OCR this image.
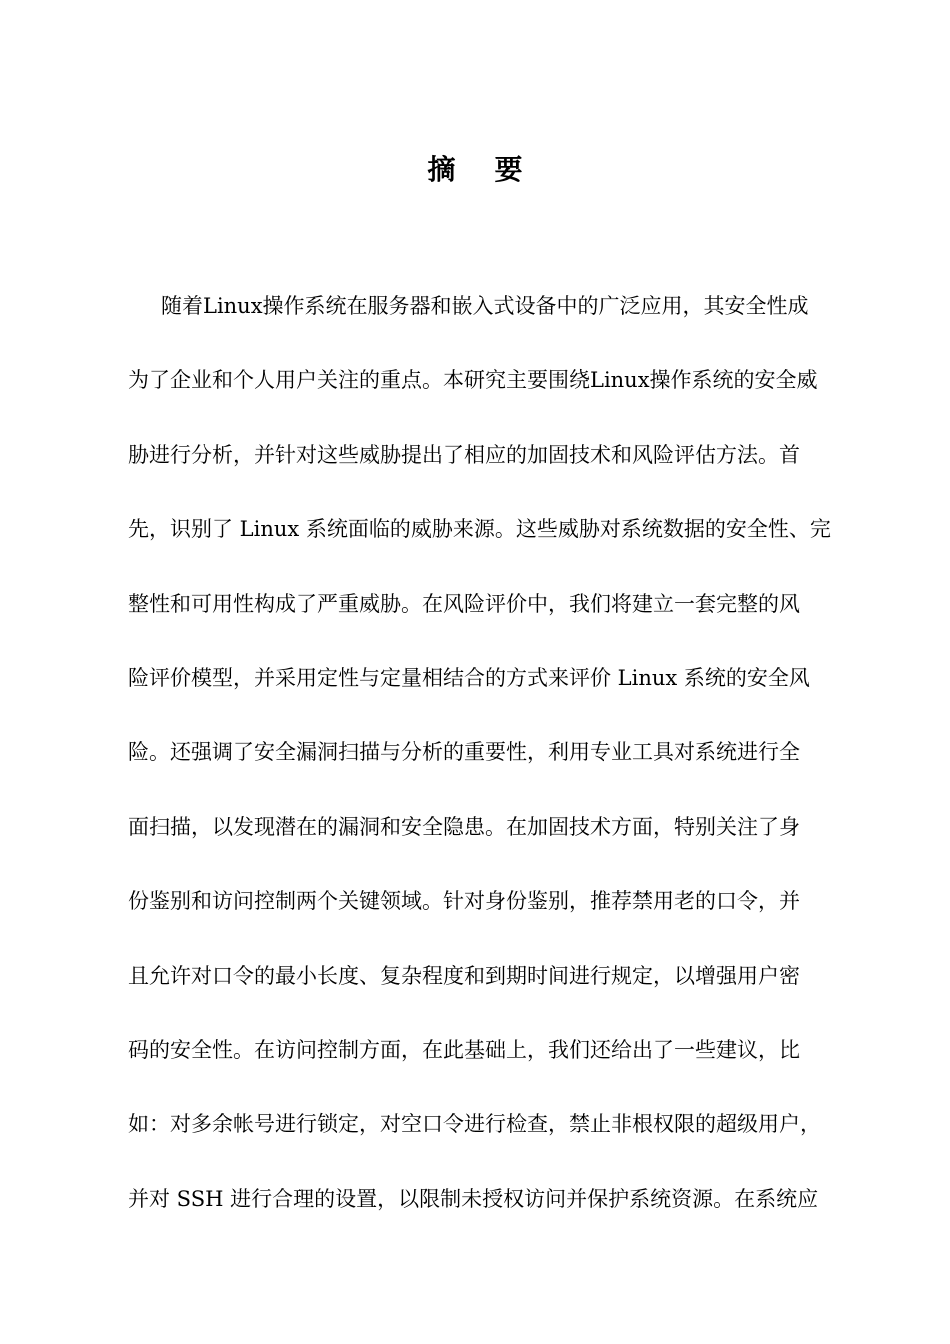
摘    要
随着Linux操作系统在服务器和嵌入式设备中的广泛应用，其安全性成
为了企业和个人用户关注的重点。本研究主要围绕Linux操作系统的安全威
胁进行分析，并针对这些威胁提出了相应的加固技术和风险评估方法。首
先，识别了 Linux 系统面临的威胁来源。这些威胁对系统数据的安全性、完
整性和可用性构成了严重威胁。在风险评价中，我们将建立一套完整的风
险评价模型，并采用定性与定量相结合的方式来评价 Linux 系统的安全风
险。还强调了安全漏洞扫描与分析的重要性，利用专业工具对系统进行全
面扫描，以发现潜在的漏洞和安全隐患。在加固技术方面，特别关注了身
份鉴别和访问控制两个关键领域。针对身份鉴别，推荐禁用老的口令，并
且允许对口令的最小长度、复杂程度和到期时间进行规定，以增强用户密
码的安全性。在访问控制方面，在此基础上，我们还给出了一些建议，比
如：对多余帐号进行锁定，对空口令进行检查，禁止非根权限的超级用户，
并对 SSH 进行合理的设置，以限制未授权访问并保护系统资源。在系统应
